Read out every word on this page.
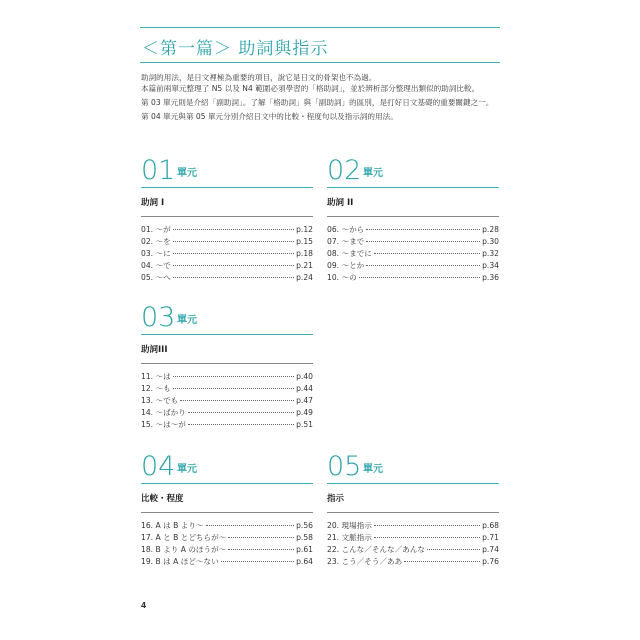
＜第一篇＞ 助詞與指示

助詞的用法，是日文裡極為重要的項目，說它是日文的骨架也不為過。

本篇前兩單元整理了 N5 以及 N4 範圍必須學習的「格助詞」，並於辨析部分整理出類似的助詞比較。

第 03 單元則是介紹「副助詞」。了解「格助詞」與「副助詞」的區別，是打好日文基礎的重要關鍵之一。

第 04 單元與第 05 單元分別介紹日文中的比較・程度句以及指示詞的用法。

01 單元
助詞 I
01. ～が	p.12
02. ～を	p.15
03. ～に	p.18
04. ～で	p.21
05. ～へ	p.24
02 單元
助詞 II
06. ～から	p.28
07. ～まで	p.30
08. ～までに	p.32
09. ～とか	p.34
10. ～の	p.36
03 單元
助詞III
11. ～は	p.40
12. ～も	p.44
13. ～でも	p.47
14. ～ばかり	p.49
15. ～は～が	p.51
04 單元
比較・程度
16. A は B より～	p.56
17. A と B とどちらが～	p.58
18. B より A のほうが～	p.61
19. B は A ほど～ない	p.64
05 單元
指示
20. 現場指示	p.68
21. 文脈指示	p.71
22. こんな／そんな／あんな	p.74
23. こう／そう／ああ	p.76
4
